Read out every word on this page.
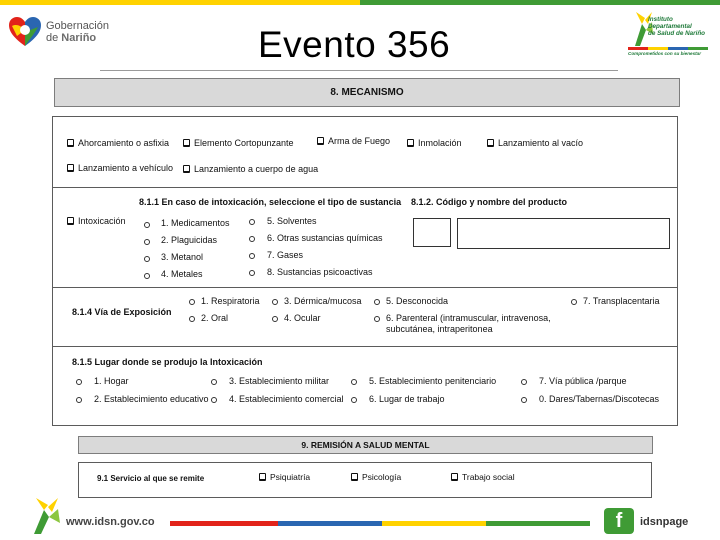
Gobernación
de Nariño	Evento 356
Instituto
Departamental
de Salud de Nariño
Comprometidos con su bienestar
8. MECANISMO
Ahorcamiento o asfixia	Elemento Cortopunzante	Arma de Fuego	Inmolación	Lanzamiento al vacío
Lanzamiento a vehículo Lanzamiento a cuerpo de agua
8.1.1 En caso de intoxicación, seleccione el tipo de sustancia 8.1.2. Código y nombre del producto
Intoxicación	1. Medicamentos
2. Plaguicidas
3. Metanol
4. Metales
5. Solventes
6. Otras sustancias químicas
7. Gases
8. Sustancias psicoactivas
8.1.4 Vía de Exposición
1. Respiratoria
2. Oral
3. Dérmica/mucosa
4. Ocular
5. Desconocida
6. Parenteral (intramuscular, intravenosa,
subcutánea, intraperitonea
7. Transplacentaria
8.1.5 Lugar donde se produjo la Intoxicación
1. Hogar
2. Establecimiento educativo
3. Establecimiento militar
4. Establecimiento comercial
5. Establecimiento penitenciario
6. Lugar de trabajo
7. Vía pública /parque
0. Dares/Tabernas/Discotecas
9. REMISIÓN A SALUD MENTAL
9.1 Servicio al que se remite	Psiquiatría	Psicología	Trabajo social
www.idsn.gov.co	f	idsnpage
